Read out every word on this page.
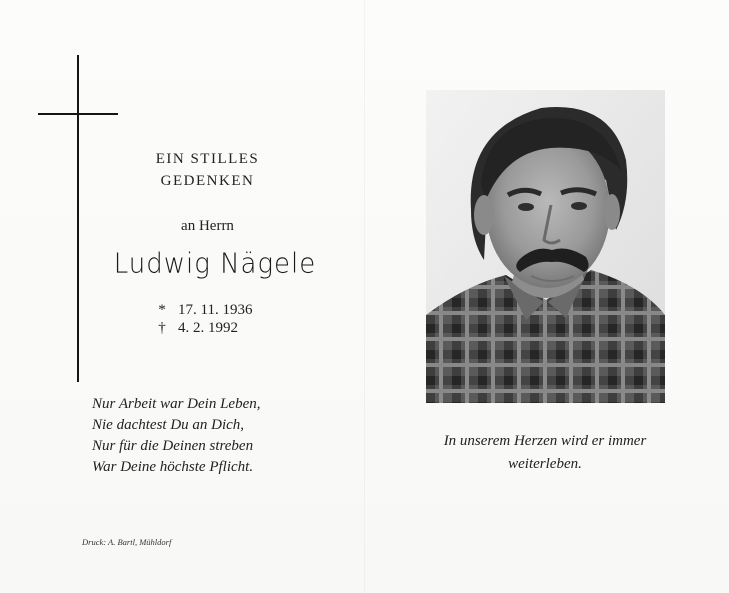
EIN STILLES
GEDENKEN
an Herrn
Ludwig Nägele
* 17. 11. 1936
† 4. 2. 1992
Nur Arbeit war Dein Leben,
Nie dachtest Du an Dich,
Nur für die Deinen streben
War Deine höchste Pflicht.
Druck: A. Bartl, Mühldorf
In unserem Herzen wird er immer
weiterleben.
